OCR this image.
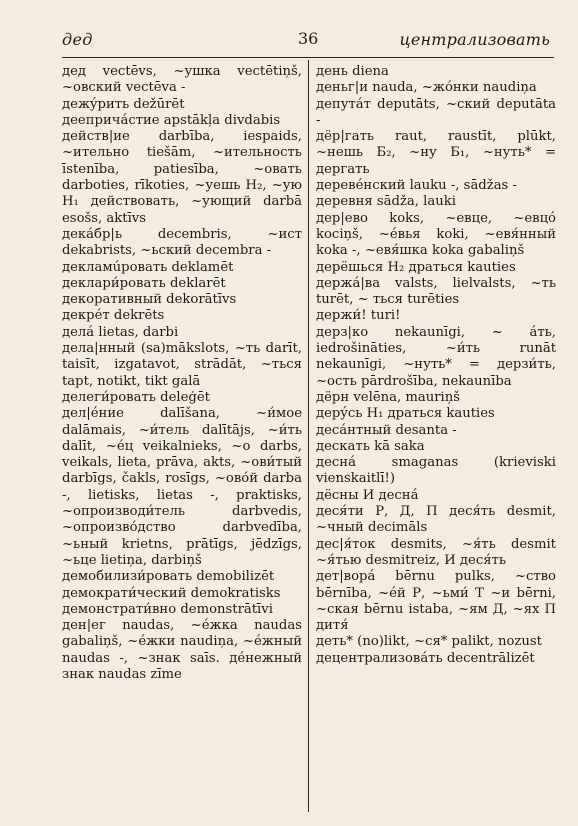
дед	36	централизовать

дед vectēvs, ~ушка vectētiņš, ~овский vectēva -

дежýрить dežūrēt

деепричáстие apstākļa divdabis

действ|ие darbība, iespaids, ~ительно tiešām, ~ительность īstenība, patiesība, ~овать darboties, rīkoties, ~уешь H₂, ~ую H₁ действовать, ~ующий darbā esošs, aktīvs

декáбр|ь decembris, ~ист dekabrists, ~ьский decembra -

декламúровать deklamēt

деклари́ровать deklarēt

декоративный dekorātīvs

декрéт dekrēts

делá lietas, darbi

дела|нный (sa)mākslots, ~ть darīt, taisīt, izgatavot, strādāt, ~ться tapt, notikt, tikt galā

делеги́ровать deleģēt

дел|éние dalīšana, ~и́мое dalāmais, ~и́тель dalītājs, ~и́ть dalīt, ~éц veikalnieks, ~о darbs, veikals, lieta, prāva, akts, ~ови́тый darbīgs, čakls, rosīgs, ~ово́й darba -, lietisks, lietas -, praktisks, ~опроизводи́тель darbvedis, ~опроизво́дство darbvedība, ~ьный krietns, prātīgs, jēdzīgs, ~ьце lietiņa, darbiņš

демобилизи́ровать demobilizēt

демократи́ческий demokratisks

демонстрати́вно demonstrātīvi

ден|ег naudas, ~éжка naudas gabaliņš, ~éжки naudiņa, ~éжный naudas -, ~знак saīs. дéнежный знак naudas zīme

день diena

деньг|и nauda, ~жóнки naudiņa

депутáт deputāts, ~ский deputāta -

дёр|гать raut, raustīt, plūkt, ~нешь Б₂, ~ну Б₁, ~нуть* = дергать

деревéнский lauku -, sādžas -

деревня sādža, lauki

дер|ево koks, ~евце, ~евцó kociņš, ~éвья koki, ~евя́нный koka -, ~евя́шка koka gabaliņš

дерёшься H₂ драться kauties

держá|ва valsts, lielvalsts, ~ть turēt, ~ ться turēties

держи́! turi!

дерз|ко nekaunīgi, ~ áть, iedrošināties, ~и́ть runāt nekaunīgi, ~нуть* = дерзи́ть, ~ость pārdrošība, nekaunība

дёрн velēna, mauriņš

дерýсь H₁ драться kauties

десáнтный desanta -

дескать kā saka

деснá smaganas (krieviski vienskaitlī!)

дёсны И деснá

деся́ти Р, Д, П деся́ть desmit, ~чный decimāls

дес|я́ток desmits, ~я́ть desmit ~я́тью desmitreiz, И деся́ть

дет|ворá bērnu pulks, ~ство bērnība, ~éй Р, ~ьми́ Т ~и bērni, ~ская bērnu istaba, ~ям Д, ~ях П дитя́

деть* (no)likt, ~ся* palikt, nozust

децентрализовáть decentrālizēt
